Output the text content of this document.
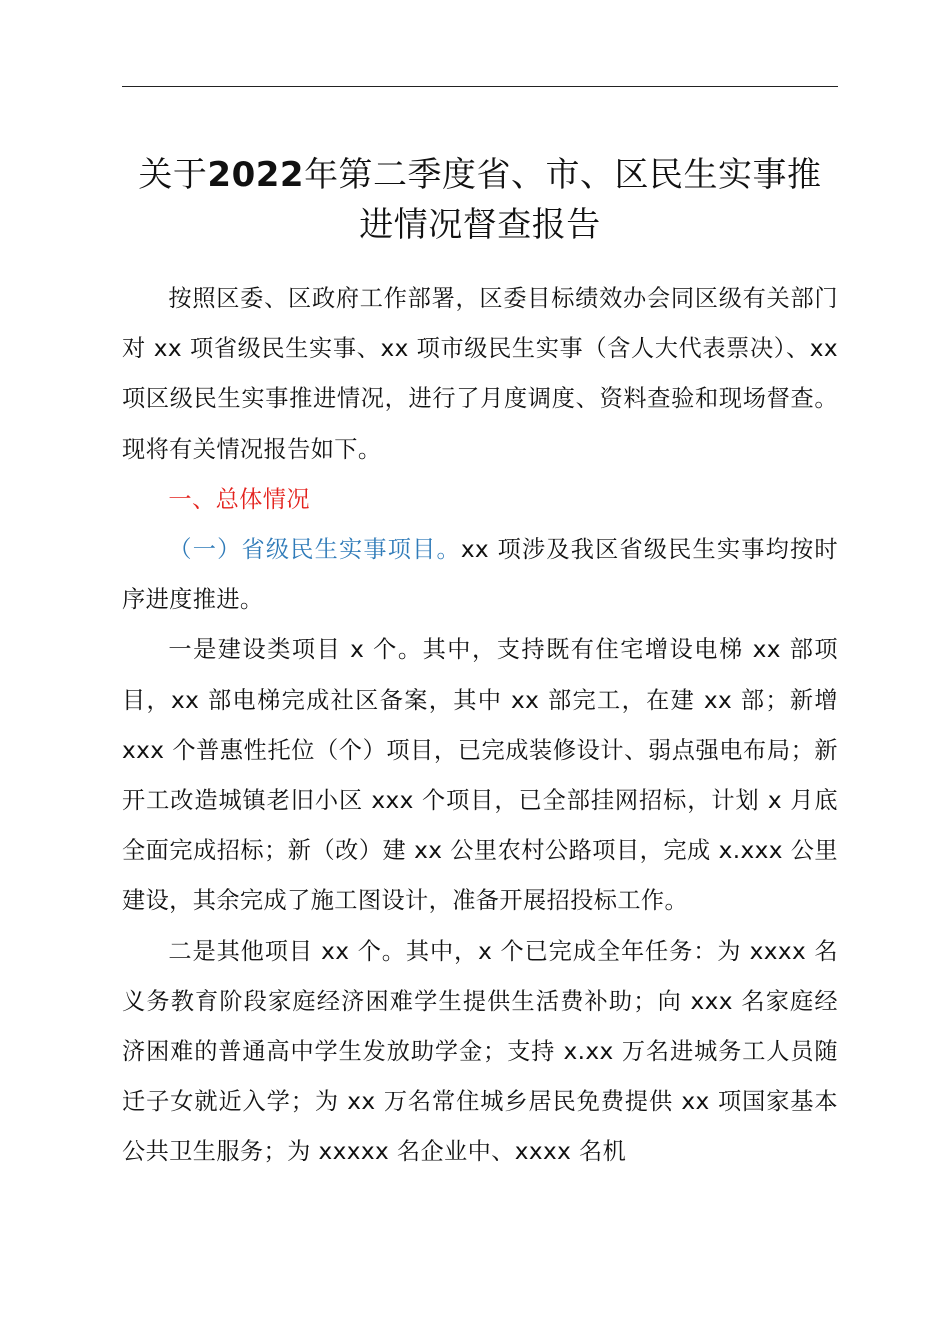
关于2022年第二季度省、市、区民生实事推
进情况督查报告

按照区委、区政府工作部署，区委目标绩效办会同区级有关部门对 xx 项省级民生实事、xx 项市级民生实事（含人大代表票决）、xx 项区级民生实事推进情况，进行了月度调度、资料查验和现场督查。现将有关情况报告如下。

一、总体情况

（一）省级民生实事项目。xx 项涉及我区省级民生实事均按时序进度推进。

一是建设类项目 x 个。其中，支持既有住宅增设电梯 xx 部项目，xx 部电梯完成社区备案，其中 xx 部完工，在建 xx 部；新增 xxx 个普惠性托位（个）项目，已完成装修设计、弱点强电布局；新开工改造城镇老旧小区 xxx 个项目，已全部挂网招标，计划 x 月底全面完成招标；新（改）建 xx 公里农村公路项目，完成 x.xxx 公里建设，其余完成了施工图设计，准备开展招投标工作。

二是其他项目 xx 个。其中，x 个已完成全年任务：为 xxxx 名义务教育阶段家庭经济困难学生提供生活费补助；向 xxx 名家庭经济困难的普通高中学生发放助学金；支持 x.xx 万名进城务工人员随迁子女就近入学；为 xx 万名常住城乡居民免费提供 xx 项国家基本公共卫生服务；为 xxxxx 名企业中、xxxx 名机
